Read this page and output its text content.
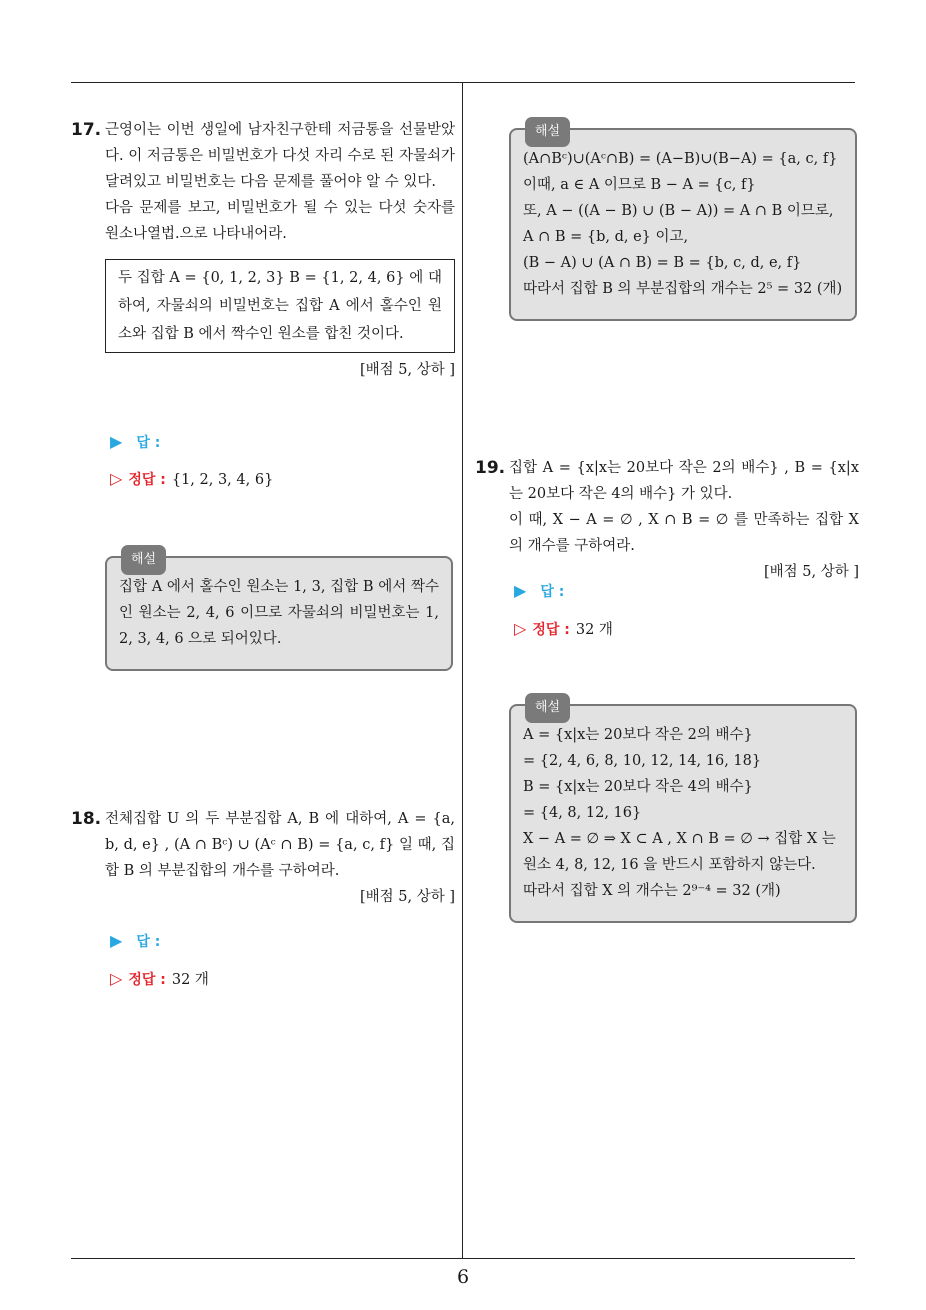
6
17. 근영이는 이번 생일에 남자친구한테 저금통을 선물받았다. 이 저금통은 비밀번호가 다섯 자리 수로 된 자물쇠가 달려있고 비밀번호는 다음 문제를 풀어야 알 수 있다.

다음 문제를 보고, 비밀번호가 될 수 있는 다섯 숫자를 원소나열법.으로 나타내어라.

두 집합 A = {0, 1, 2, 3} B = {1, 2, 4, 6} 에 대하여, 자물쇠의 비밀번호는 집합 A 에서 홀수인 원소와 집합 B 에서 짝수인 원소를 합친 것이다.
[배점 5, 상하 ]
▶ 답 :
▷ 정답 : {1, 2, 3, 4, 6}
해설

집합 A 에서 홀수인 원소는 1, 3, 집합 B 에서 짝수인 원소는 2, 4, 6 이므로 자물쇠의 비밀번호는 1, 2, 3, 4, 6 으로 되어있다.

18. 전체집합 U 의 두 부분집합 A, B 에 대하여, A = {a, b, d, e} , (A ∩ Bᶜ) ∪ (Aᶜ ∩ B) = {a, c, f} 일 때, 집합 B 의 부분집합의 개수를 구하여라.

[배점 5, 상하 ]
▶ 답 :
▷ 정답 : 32 개
해설

(A∩Bᶜ)∪(Aᶜ∩B) = (A−B)∪(B−A) = {a, c, f}

이때, a ∈ A 이므로 B − A = {c, f}

또, A − ((A − B) ∪ (B − A)) = A ∩ B 이므로,

A ∩ B = {b, d, e} 이고,

(B − A) ∪ (A ∩ B) = B = {b, c, d, e, f}

따라서 집합 B 의 부분집합의 개수는 2⁵ = 32 (개)

19. 집합 A = {x|x는 20보다 작은 2의 배수} , B = {x|x는 20보다 작은 4의 배수} 가 있다.

이 때, X − A = ∅ , X ∩ B = ∅ 를 만족하는 집합 X 의 개수를 구하여라.

[배점 5, 상하 ]
▶ 답 :
▷ 정답 : 32 개
해설

A = {x|x는 20보다 작은 2의 배수}

= {2, 4, 6, 8, 10, 12, 14, 16, 18}

B = {x|x는 20보다 작은 4의 배수}

= {4, 8, 12, 16}

X − A = ∅ ⇒ X ⊂ A , X ∩ B = ∅ → 집합 X 는 원소 4, 8, 12, 16 을 반드시 포함하지 않는다.

따라서 집합 X 의 개수는 2⁹⁻⁴ = 32 (개)
